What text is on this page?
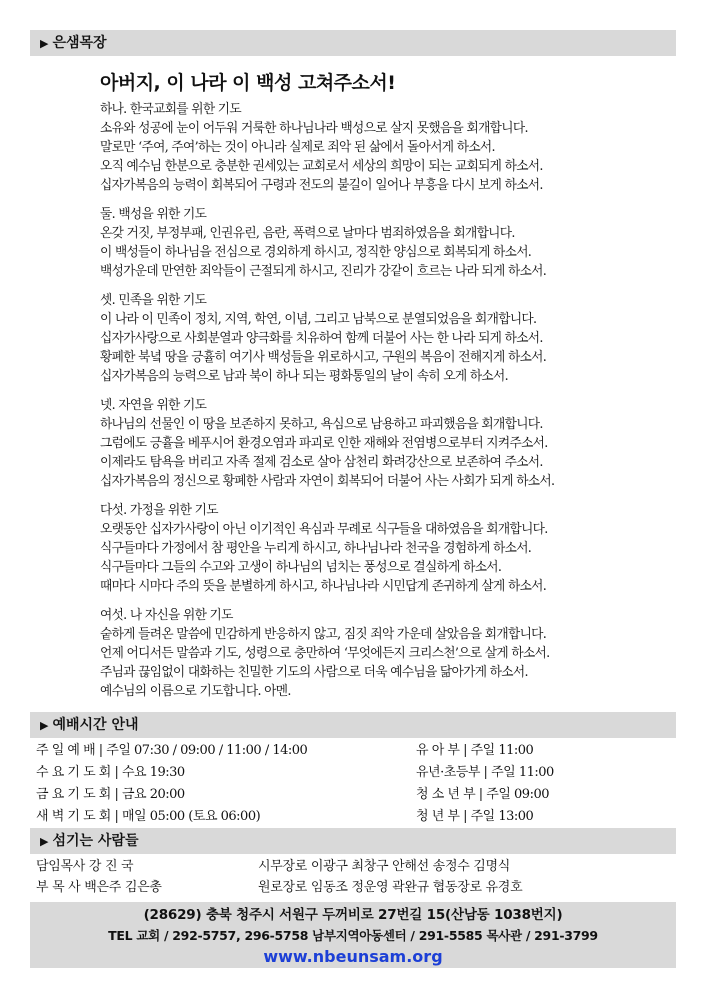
▶ 은샘목장
아버지, 이 나라 이 백성 고쳐주소서!
하나. 한국교회를 위한 기도
소유와 성공에 눈이 어두워 거룩한 하나님나라 백성으로 살지 못했음을 회개합니다.
말로만 ‘주여, 주여’하는 것이 아니라 실제로 죄악 된 삶에서 돌아서게 하소서.
오직 예수님 한분으로 충분한 권세있는 교회로서 세상의 희망이 되는 교회되게 하소서.
십자가복음의 능력이 회복되어 구령과 전도의 불길이 일어나 부흥을 다시 보게 하소서.
둘. 백성을 위한 기도
온갖 거짓, 부정부패, 인권유린, 음란, 폭력으로 날마다 범죄하였음을 회개합니다.
이 백성들이 하나님을 전심으로 경외하게 하시고, 정직한 양심으로 회복되게 하소서.
백성가운데 만연한 죄악들이 근절되게 하시고, 진리가 강같이 흐르는 나라 되게 하소서.
셋. 민족을 위한 기도
이 나라 이 민족이 정치, 지역, 학연, 이념, 그리고 남북으로 분열되었음을 회개합니다.
십자가사랑으로 사회분열과 양극화를 치유하여 함께 더불어 사는 한 나라 되게 하소서.
황폐한 북녘 땅을 긍휼히 여기사 백성들을 위로하시고, 구원의 복음이 전해지게 하소서.
십자가복음의 능력으로 남과 북이 하나 되는 평화통일의 날이 속히 오게 하소서.
넷. 자연을 위한 기도
하나님의 선물인 이 땅을 보존하지 못하고, 욕심으로 남용하고 파괴했음을 회개합니다.
그럼에도 긍휼을 베푸시어 환경오염과 파괴로 인한 재해와 전염병으로부터 지켜주소서.
이제라도 탐욕을 버리고 자족 절제 검소로 살아 삼천리 화려강산으로 보존하여 주소서.
십자가복음의 정신으로 황폐한 사람과 자연이 회복되어 더불어 사는 사회가 되게 하소서.
다섯. 가정을 위한 기도
오랫동안 십자가사랑이 아닌 이기적인 욕심과 무례로 식구들을 대하였음을 회개합니다.
식구들마다 가정에서 참 평안을 누리게 하시고, 하나님나라 천국을 경험하게 하소서.
식구들마다 그들의 수고와 고생이 하나님의 넘치는 풍성으로 결실하게 하소서.
때마다 시마다 주의 뜻을 분별하게 하시고, 하나님나라 시민답게 존귀하게 살게 하소서.
여섯. 나 자신을 위한 기도
숱하게 들려온 말씀에 민감하게 반응하지 않고, 짐짓 죄악 가운데 살았음을 회개합니다.
언제 어디서든 말씀과 기도, 성령으로 충만하여 ‘무엇에든지 크리스천’으로 살게 하소서.
주님과 끊임없이 대화하는 친밀한 기도의 사람으로 더욱 예수님을 닮아가게 하소서.
예수님의 이름으로 기도합니다. 아멘.
▶ 예배시간 안내
주 일 예 배 | 주일 07:30 / 09:00 / 11:00 / 14:00	유 아 부 | 주일 11:00
수 요 기 도 회 | 수요 19:30	유년·초등부 | 주일 11:00
금 요 기 도 회 | 금요 20:00	청 소 년 부 | 주일 09:00
새 벽 기 도 회 | 매일 05:00 (토요 06:00)	청 년 부 | 주일 13:00
▶ 섬기는 사람들
담임목사 강 진 국	시무장로 이광구 최창구 안해선 송정수 김명식
부 목 사 백은주 김은총	원로장로 임동조 정운영 곽완규 협동장로 유경호
(28629) 충북 청주시 서원구 두꺼비로 27번길 15(산남동 1038번지)
TEL 교회 / 292-5757, 296-5758 남부지역아동센터 / 291-5585 목사관 / 291-3799
www.nbeunsam.org
